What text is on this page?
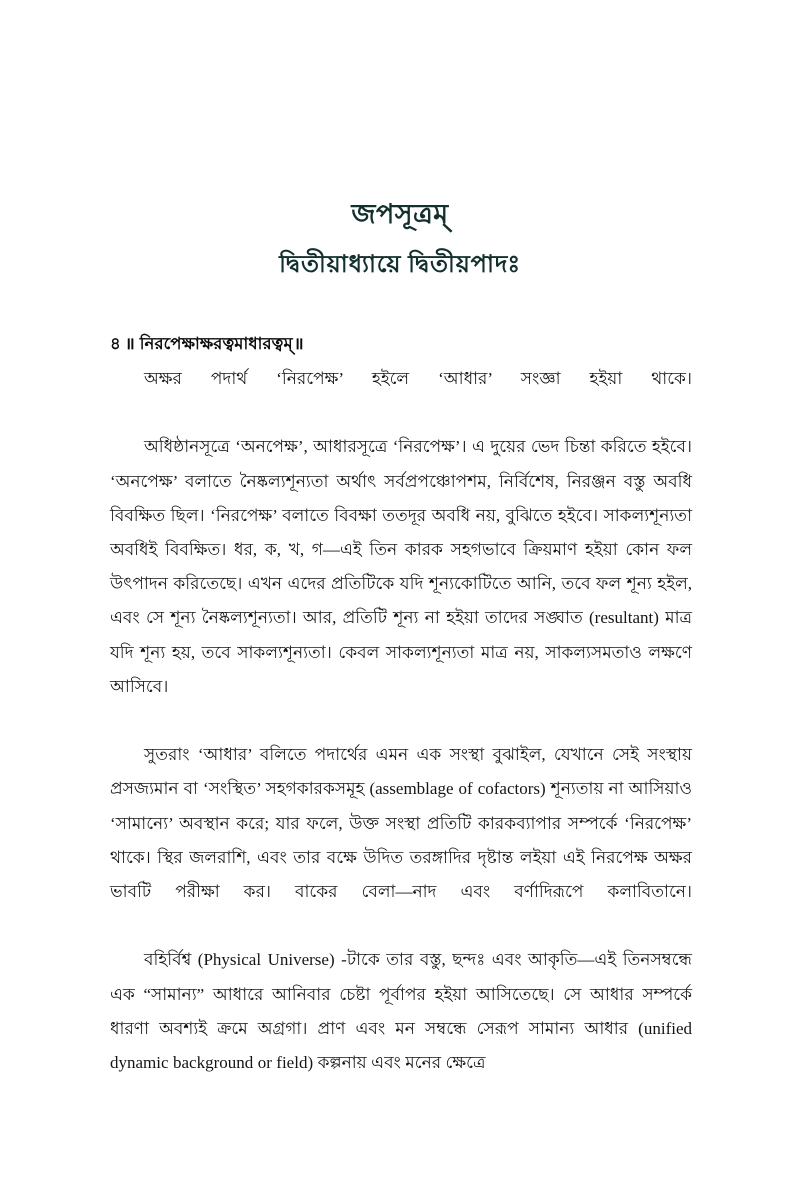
জপসূত্রম্
দ্বিতীয়াধ্যায়ে দ্বিতীয়পাদঃ
৪ ॥ নিরপেক্ষাক্ষরত্বমাধারত্বম্॥

অক্ষর পদার্থ ‘নিরপেক্ষ’ হইলে ‘আধার’ সংজ্ঞা হইয়া থাকে।

অধিষ্ঠানসূত্রে ‘অনপেক্ষ’, আধারসূত্রে ‘নিরপেক্ষ’। এ দুয়ের ভেদ চিন্তা করিতে হইবে। ‘অনপেক্ষ’ বলাতে নৈষ্কল্যশূন্যতা অর্থাৎ সর্বপ্রপঞ্চোপশম, নির্বিশেষ, নিরঞ্জন বস্তু অবধি বিবক্ষিত ছিল। ‘নিরপেক্ষ’ বলাতে বিবক্ষা ততদূর অবধি নয়, বুঝিতে হইবে। সাকল্যশূন্যতা অবধিই বিবক্ষিত। ধর, ক, খ, গ—এই তিন কারক সহগভাবে ক্রিয়মাণ হইয়া কোন ফল উৎপাদন করিতেছে। এখন এদের প্রতিটিকে যদি শূন্যকোটিতে আনি, তবে ফল শূন্য হইল, এবং সে শূন্য নৈষ্কল্যশূন্যতা। আর, প্রতিটি শূন্য না হইয়া তাদের সঙ্ঘাত (resultant) মাত্র যদি শূন্য হয়, তবে সাকল্যশূন্যতা। কেবল সাকল্যশূন্যতা মাত্র নয়, সাকল্যসমতাও লক্ষণে আসিবে।

সুতরাং ‘আধার’ বলিতে পদার্থের এমন এক সংস্থা বুঝাইল, যেখানে সেই সংস্থায় প্রসজ্যমান বা ‘সংস্থিত’ সহগকারকসমূহ (assemblage of cofactors) শূন্যতায় না আসিয়াও ‘সামান্যে’ অবস্থান করে; যার ফলে, উক্ত সংস্থা প্রতিটি কারকব্যাপার সম্পর্কে ‘নিরপেক্ষ’ থাকে। স্থির জলরাশি, এবং তার বক্ষে উদিত তরঙ্গাদির দৃষ্টান্ত লইয়া এই নিরপেক্ষ অক্ষর ভাবটি পরীক্ষা কর। বাকের বেলা—নাদ এবং বর্ণাদিরূপে কলাবিতানে।

বহির্বিশ্ব (Physical Universe) -টাকে তার বস্তু, ছন্দঃ এবং আকৃতি—এই তিনসম্বন্ধে এক “সামান্য” আধারে আনিবার চেষ্টা পূর্বাপর হইয়া আসিতেছে। সে আধার সম্পর্কে ধারণা অবশ্যই ক্রমে অগ্রগা। প্রাণ এবং মন সম্বন্ধে সেরূপ সামান্য আধার (unified dynamic background or field) কল্পনায় এবং মনের ক্ষেত্রে
